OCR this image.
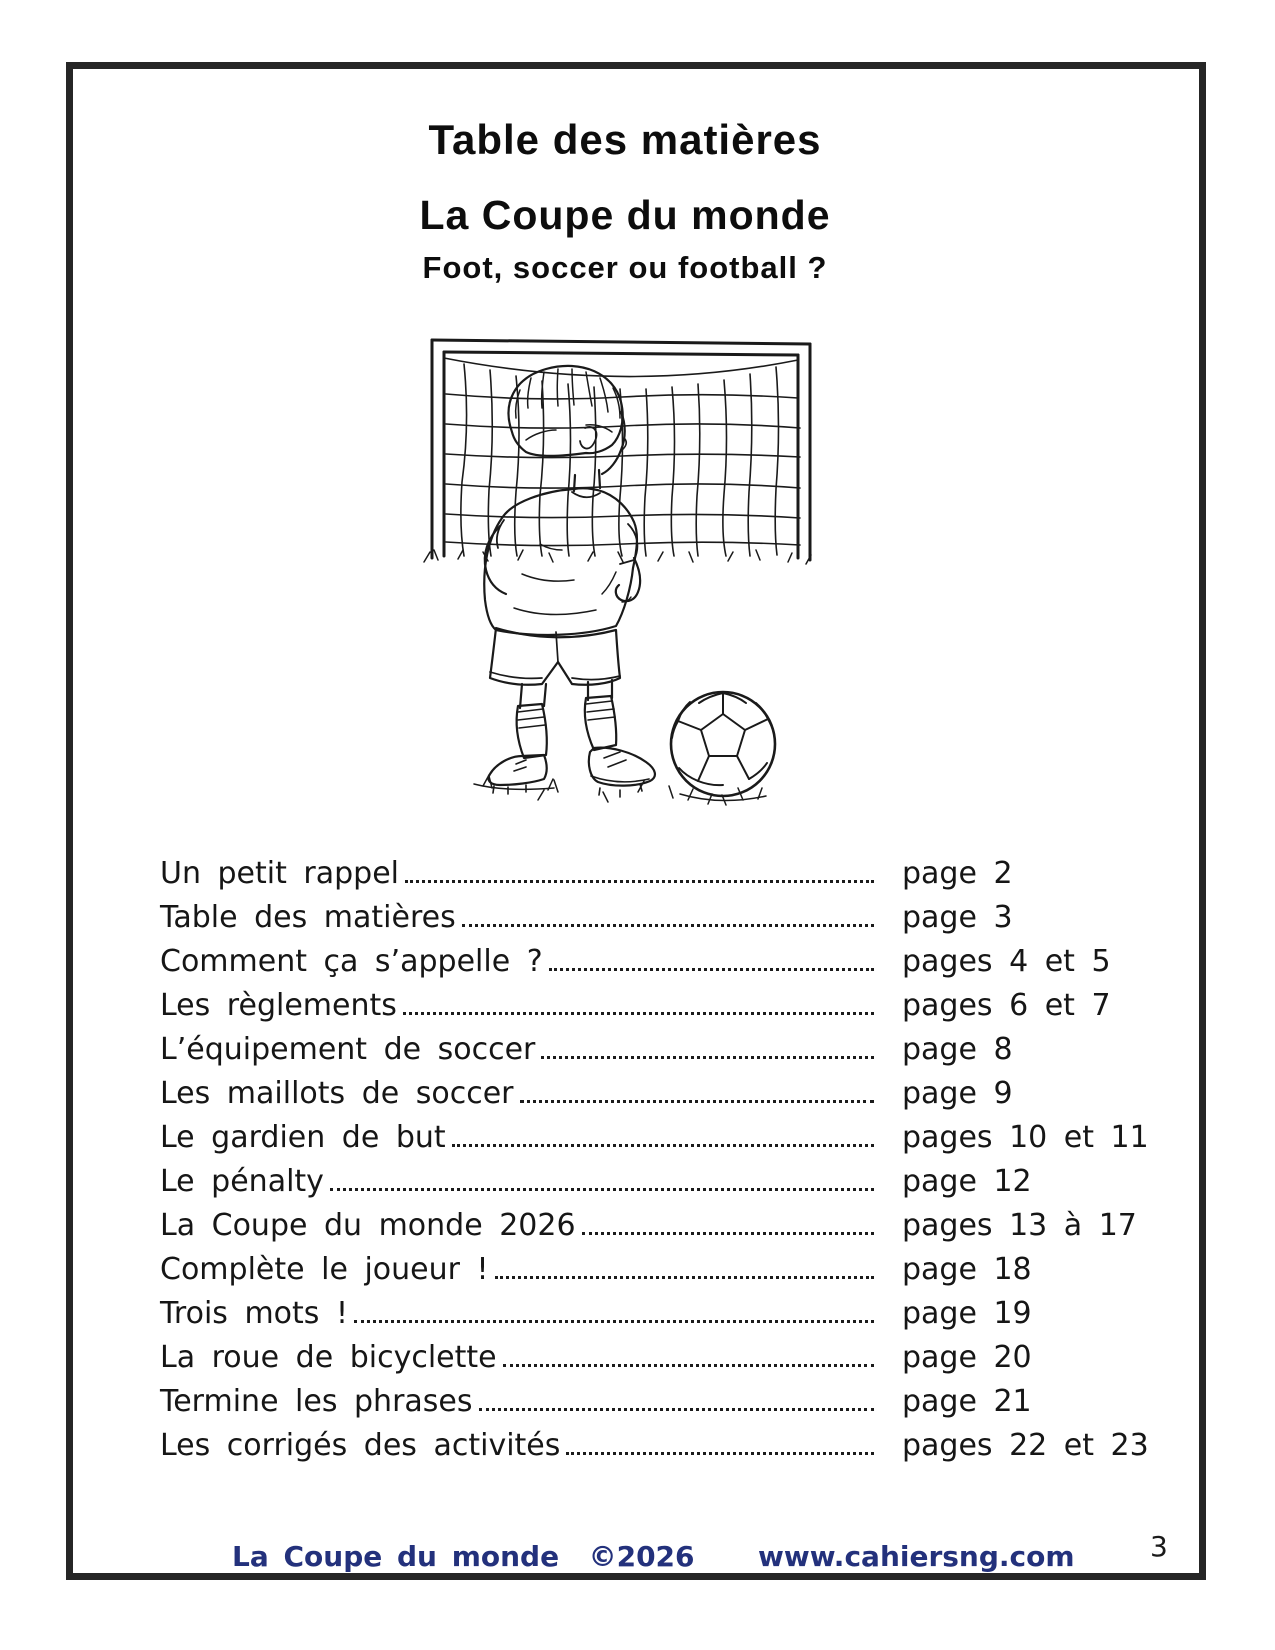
Table des matières
La Coupe du monde
Foot, soccer ou football ?
Un petit rappel	page 2
Table des matières	page 3
Comment ça s’appelle ?	pages 4 et 5
Les règlements	pages 6 et 7
L’équipement de soccer	page 8
Les maillots de soccer	page 9
Le gardien de but	pages 10 et 11
Le pénalty	page 12
La Coupe du monde 2026	pages 13 à 17
Complète le joueur !	page 18
Trois mots !	page 19
La roue de bicyclette	page 20
Termine les phrases	page 21
Les corrigés des activités	pages 22 et 23
La Coupe du monde ©2026 www.cahiersng.com	3
